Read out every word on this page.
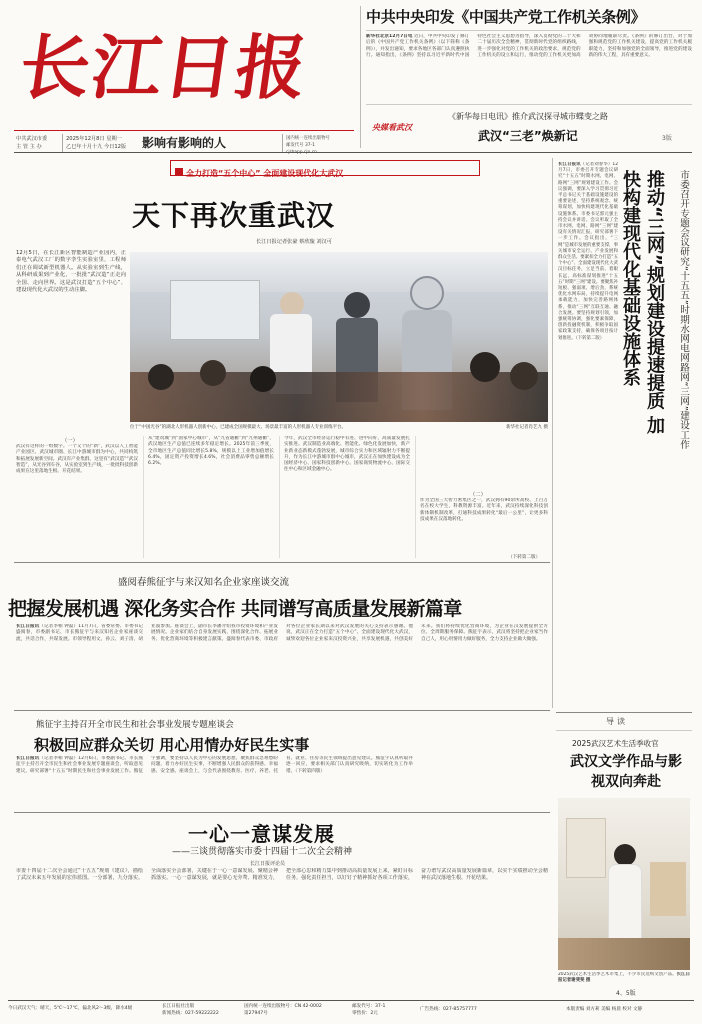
长江日报
中共武汉市委
主 管 主 办
2025年12月8日 星期一
乙巳年十月十九 今日12版	影响有影响的人	国内统一连续出版物号
邮发代号 37-1
中共中央印发《中国共产党工作机关条例》
新华社北京12月7日电 近日，中共中央印发了修订后的《中国共产党工作机关条例》（以下简称《条例》），并发出通知，要求各地区各部门认真遵照执行。通知指出，《条例》坚持以习近平新时代中国特色社会主义思想为指导，深入贯彻党的二十大和二十届历次全会精神，贯彻新时代党的组织路线，进一步强化对党的工作机关的政治要求，规范党的工作机关的设立和运行，推动党的工作机关更加高效协同地履职尽责。《条例》的修订出台，对于加强和规范党的工作机关建设，提高党的工作机关履职能力，坚持和加强党的全面领导，推进党的建设新的伟大工程，具有重要意义。
央媒看武汉
《新华每日电讯》推介武汉探寻城市蝶变之路
武汉“三老”焕新记	3版
全力打造“五个中心” 全面建设现代化大武汉
天下再次重武汉
长江日报记者张豪 蔡欣璇 刘汉可
12月5日，在长江新区智能制造产业园内，正泰电气武汉工厂的数字孪生实验室里，工程师们正在调试新型机器人。从实验室到生产线，从科研成果到产业化，一批批“武汉造”正走向全国、走向世界。这是武汉打造“五个中心”、建设现代化大武汉的生动注脚。
位于“中国光谷”的湖北人形机器人创新中心，已建成全国规模最大、场景最丰富的人形机器人专业训练平台。	新华社记者肖艺九 摄
（一）
武汉有这样的一组数字。一个又个的“新”，武汉以人工智能产业园区、武汉城市圈、长江中游城市群为中心，共同构筑和拓展发展新空间。武汉有产业集群，这里有“武汉造”“武汉智造”，从光谷到车谷，从实验室到生产线，一批批科技创新成果在这里落地生根、开花结果。
从“建筑城”到“国家中心城市”，从“九省通衢”到“九州通衢”，武汉地区生产总值已连续多年稳定增长。2025年前三季度，全市地区生产总值同比增长5.8%，规模以上工业增加值增长6.4%，固定资产投资增长4.6%，社会消费品零售总额增长6.2%。
今年，武汉全市经济运行稳中有进、进中向好，高质量发展扎实推进。武汉制造业高端化、智能化、绿色化发展加快，新产业新业态新模式蓬勃发展，城市综合实力和区域辐射力不断提升，作为长江中游城市群中心城市，武汉正在加快建设成为全国经济中心、国家科技创新中心、国家商贸物流中心、国际交往中心和区域金融中心。
（二）
作为全国三大智力密集区之一，武汉拥有90余所高校、上百万名在校大学生，科教资源丰富。近年来，武汉持续深化科技创新体制机制改革，打通科技成果转化“最后一公里”，让更多科技成果在汉落地转化。
（下转第二版）
长江日报讯（记者刘春华）12月7日，市委召开专题会议研究“十五五”时期水网、电网、路网“三网”规划建设工作。会议强调，要深入学习贯彻习近平总书记关于基础设施建设的重要论述，坚持系统观念、统筹谋划，加快构建现代化基础设施体系。市委书记郭元强主持会议并讲话。会议听取了全市水网、电网、路网“三网”建设有关情况汇报，研究部署下一步工作。会议指出，“三网”是城市发展的重要支撑，事关城市安全运行、产业发展和群众生活。要紧扣全力打造“五个中心”、全面建设现代化大武汉目标任务，立足当前、着眼长远，高标准谋划推进“十五五”时期“三网”建设。要聚焦补短板、强弱项、增后劲，系统优化水网布局，持续提升电网承载能力，加快完善路网体系，推动“三网”互联互通、融合发展。要坚持规划引领，加强统筹协调，强化要素保障，创新投融资机制，积极争取国家政策支持，确保各项目按计划推进。（下转第二版）	推动“三网”规划建设提速提质 加快构建现代化基础设施体系	市委召开专题会议研究“十五五”时期水网电网路网“三网”建设工作
盛阅春熊征宇与来汉知名企业家座谈交流
把握发展机遇 深化务实合作 共同谱写高质量发展新篇章
长江日报讯（记者李相 钟磊）11月7日，省委常委、市委书记盛阅春，市委副书记、市长熊征宇与来汉知名企业家座谈交流，共话合作，共谋发展。市领导程用文、孙云、刘子清、胡亚波参加。座谈会上，副市长李潘介绍我市投资环境和产业发展情况。企业家们结合自身发展实践，围绕深化合作、拓展业务、优化营商环境等积极建言献策。盛阅春代表市委、市政府对各位企业家长期以来对武汉发展的关心支持表示感谢。他说，武汉正在全力打造“五个中心”、全面建设现代化大武汉，诚挚欢迎各位企业家来汉投资兴业，共享发展机遇，共创美好未来。我们将持续优化营商环境，为企业在汉发展提供全方位、全周期服务保障。熊征宇表示，武汉将坚持把企业家当作自己人，用心用情用力做好服务，全力支持企业做大做强。
熊征宇主持召开全市民生和社会事业发展专题座谈会
积极回应群众关切 用心用情办好民生实事
长江日报讯（记者李相 钟磊）12月6日，市委副书记、市长熊征宇主持召开全市民生和社会事业发展专题座谈会，听取意见建议，研究部署“十五五”时期民生和社会事业发展工作。熊征宇强调，要坚持以人民为中心的发展思想，聚焦群众急难愁盼问题，着力办好民生实事，不断增强人民群众的获得感、幸福感、安全感。座谈会上，与会代表围绕教育、医疗、养老、托育、就业、住房等民生领域提出意见建议。熊征宇认真听取并逐一回应，要求相关部门认真研究吸纳，切实转化为工作举措。（下转第四版）
一心一意谋发展
——三谈贯彻落实市委十四届十二次全会精神
长江日报评论员
市委十四届十二次全会通过“十五五”规划《建议》，描绘了武汉未来五年发展的宏伟蓝图。一分部署，九分落实。全面落实全会部署，关键在于一心一意谋发展、聚精会神抓落实。一心一意谋发展，就是要心无旁骛、精准发力，把全部心思和精力集中到推动高质量发展上来，紧盯目标任务，强化责任担当，以钉钉子精神抓好各项工作落实，奋力谱写武汉高质量发展新篇章，以实干实绩推动全会精神在武汉落地生根、开花结果。
导读
2025武汉艺术生活季收官
武汉文学作品与影视双向奔赴
2025武汉艺术生活季艺术市集上，不少市民选购文创产品。长江日报记者谢斐斐 摄
4、5版
今日武汉天气：晴天，5℃～17℃，偏北风2～3级，降水4级	长江日报社出版
新闻热线：027-59222222
国内统一连续出版物号：CN 42-0002
第27947号
邮发代号：37-1
零售价：2元
广告热线：027-85757777	本版责编 刘方莉 美编 杨晨 校对 文静
